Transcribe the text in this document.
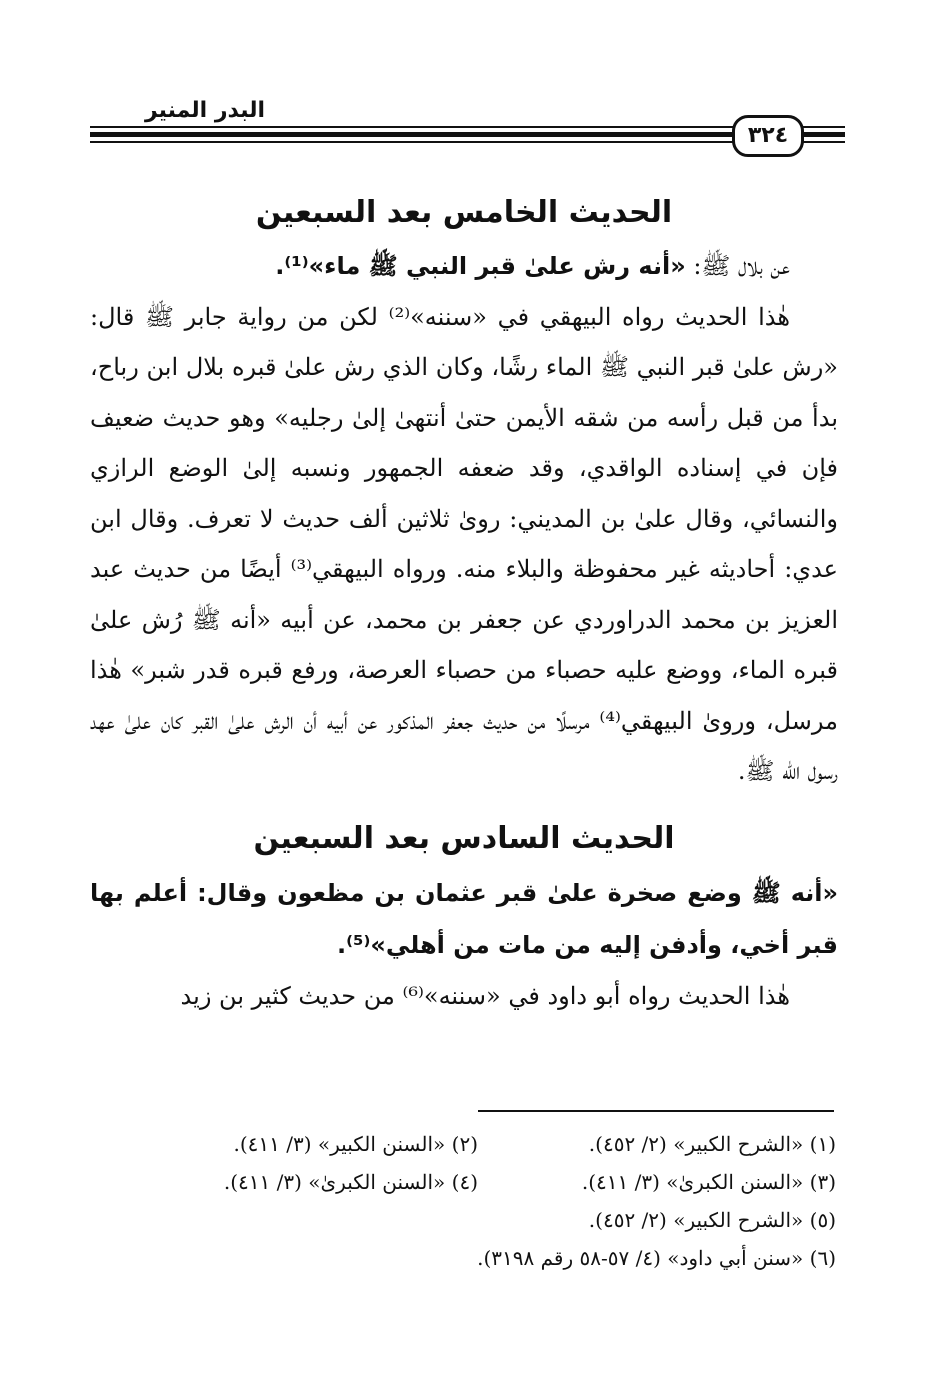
البدر المنير
٣٢٤
الحديث الخامس بعد السبعين

عن بلال ﷺ: «أنه رش علىٰ قبر النبي ﷺ ماء»⁽¹⁾.

هٰذا الحديث رواه البيهقي في «سننه»⁽²⁾ لكن من رواية جابر ﷺ قال: «رش علىٰ قبر النبي ﷺ الماء رشًا، وكان الذي رش علىٰ قبره بلال ابن رباح، بدأ من قبل رأسه من شقه الأيمن حتىٰ أنتهىٰ إلىٰ رجليه» وهو حديث ضعيف فإن في إسناده الواقدي، وقد ضعفه الجمهور ونسبه إلىٰ الوضع الرازي والنسائي، وقال علىٰ بن المديني: روىٰ ثلاثين ألف حديث لا تعرف. وقال ابن عدي: أحاديثه غير محفوظة والبلاء منه. ورواه البيهقي⁽³⁾ أيضًا من حديث عبد العزيز بن محمد الدراوردي عن جعفر بن محمد، عن أبيه «أنه ﷺ رُش علىٰ قبره الماء، ووضع عليه حصباء من حصباء العرصة، ورفع قبره قدر شبر» هٰذا مرسل، وروىٰ البيهقي⁽⁴⁾ مرسلًا من حديث جعفر المذكور عن أبيه أن الرش علىٰ القبر كان علىٰ عهد رسول الله ﷺ.

الحديث السادس بعد السبعين

«أنه ﷺ وضع صخرة علىٰ قبر عثمان بن مظعون وقال: أعلم بها قبر أخي، وأدفن إليه من مات من أهلي»⁽⁵⁾.

هٰذا الحديث رواه أبو داود في «سننه»⁽⁶⁾ من حديث كثير بن زيد

(١) «الشرح الكبير» (٢/ ٤٥٢).
(٢) «السنن الكبير» (٣/ ٤١١).
(٣) «السنن الكبرىٰ» (٣/ ٤١١).
(٤) «السنن الكبرىٰ» (٣/ ٤١١).
(٥) «الشرح الكبير» (٢/ ٤٥٢).
(٦) «سنن أبي داود» (٤/ ٥٧-٥٨ رقم ٣١٩٨).
